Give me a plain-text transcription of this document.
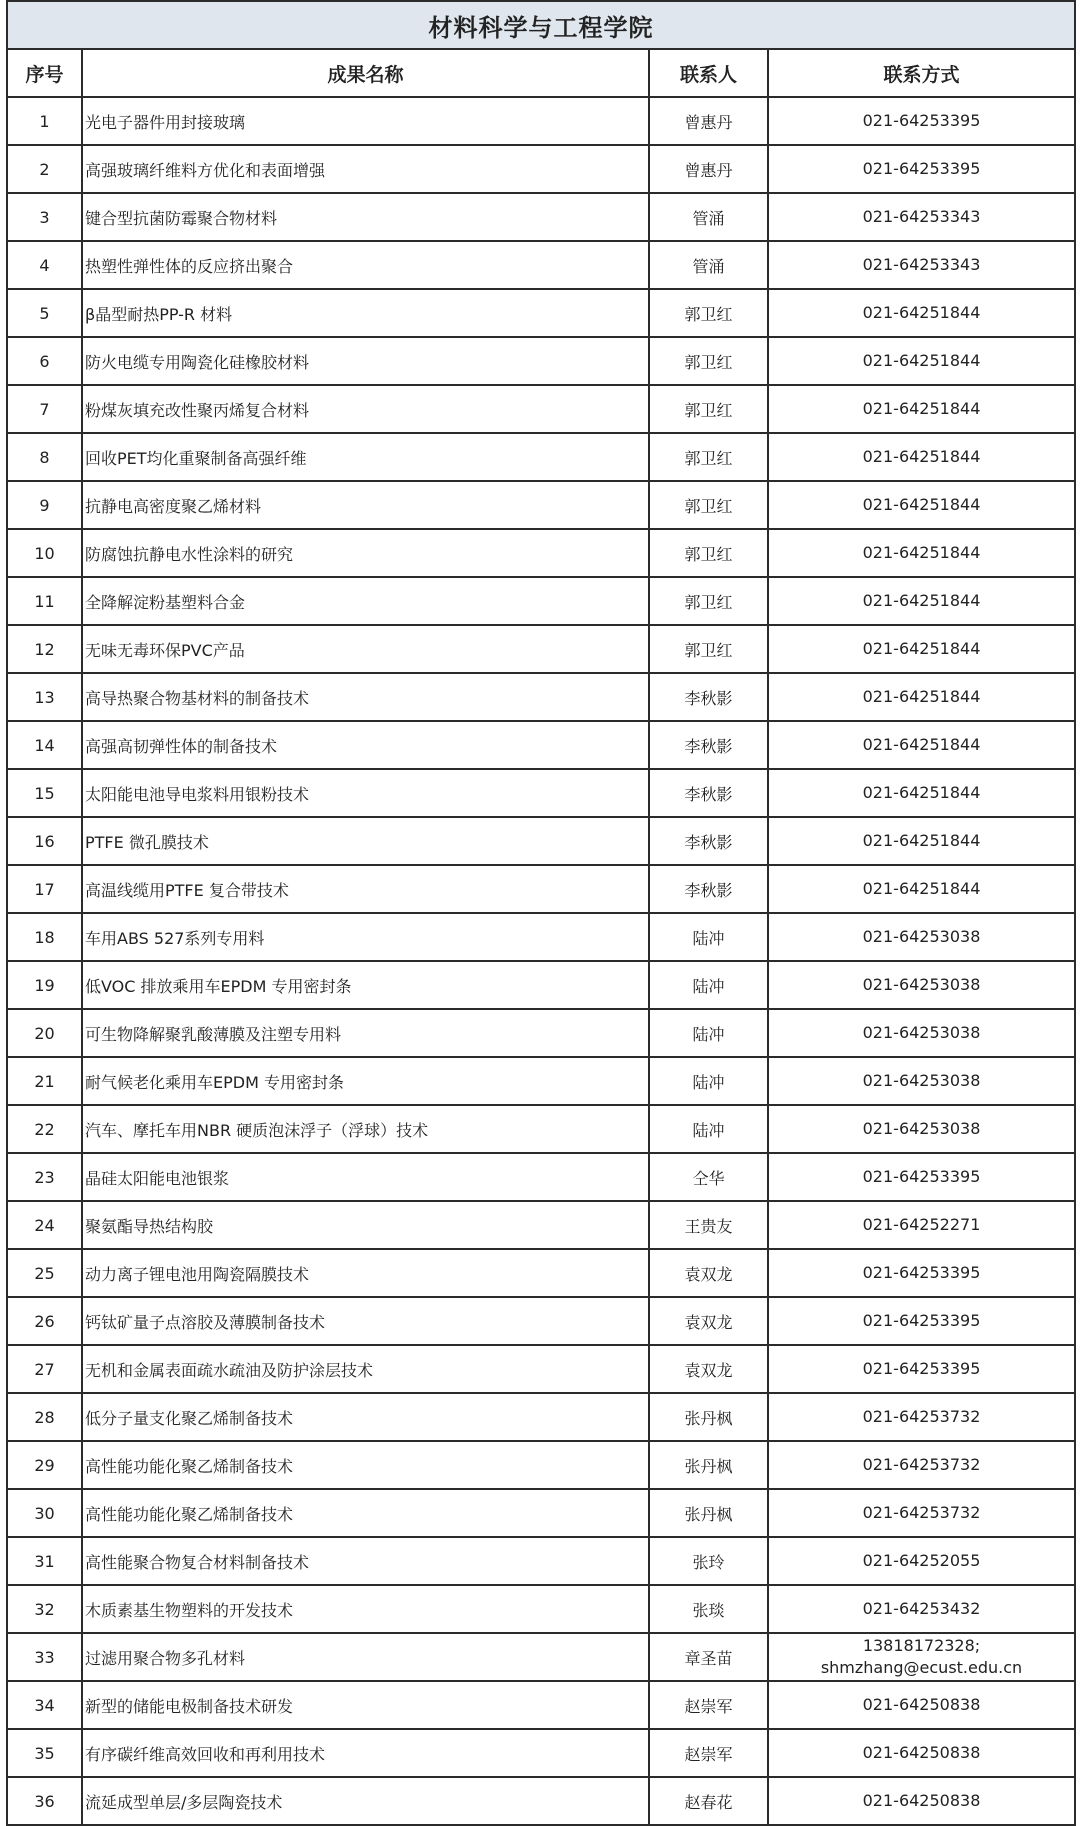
材料科学与工程学院			
序号	成果名称	联系人	联系方式
1	光电子器件用封接玻璃	曾惠丹	021-64253395
2	高强玻璃纤维料方优化和表面增强	曾惠丹	021-64253395
3	键合型抗菌防霉聚合物材料	管涌	021-64253343
4	热塑性弹性体的反应挤出聚合	管涌	021-64253343
5	β晶型耐热PP-R 材料	郭卫红	021-64251844
6	防火电缆专用陶瓷化硅橡胶材料	郭卫红	021-64251844
7	粉煤灰填充改性聚丙烯复合材料	郭卫红	021-64251844
8	回收PET均化重聚制备高强纤维	郭卫红	021-64251844
9	抗静电高密度聚乙烯材料	郭卫红	021-64251844
10	防腐蚀抗静电水性涂料的研究	郭卫红	021-64251844
11	全降解淀粉基塑料合金	郭卫红	021-64251844
12	无味无毒环保PVC产品	郭卫红	021-64251844
13	高导热聚合物基材料的制备技术	李秋影	021-64251844
14	高强高韧弹性体的制备技术	李秋影	021-64251844
15	太阳能电池导电浆料用银粉技术	李秋影	021-64251844
16	PTFE 微孔膜技术	李秋影	021-64251844
17	高温线缆用PTFE 复合带技术	李秋影	021-64251844
18	车用ABS 527系列专用料	陆冲	021-64253038
19	低VOC 排放乘用车EPDM 专用密封条	陆冲	021-64253038
20	可生物降解聚乳酸薄膜及注塑专用料	陆冲	021-64253038
21	耐气候老化乘用车EPDM 专用密封条	陆冲	021-64253038
22	汽车、摩托车用NBR 硬质泡沫浮子（浮球）技术	陆冲	021-64253038
23	晶硅太阳能电池银浆	仝华	021-64253395
24	聚氨酯导热结构胶	王贵友	021-64252271
25	动力离子锂电池用陶瓷隔膜技术	袁双龙	021-64253395
26	钙钛矿量子点溶胶及薄膜制备技术	袁双龙	021-64253395
27	无机和金属表面疏水疏油及防护涂层技术	袁双龙	021-64253395
28	低分子量支化聚乙烯制备技术	张丹枫	021-64253732
29	高性能功能化聚乙烯制备技术	张丹枫	021-64253732
30	高性能功能化聚乙烯制备技术	张丹枫	021-64253732
31	高性能聚合物复合材料制备技术	张玲	021-64252055
32	木质素基生物塑料的开发技术	张琰	021-64253432
33	过滤用聚合物多孔材料	章圣苗	13818172328;
shmzhang@ecust.edu.cn

34	新型的储能电极制备技术研发	赵崇军	021-64250838
35	有序碳纤维高效回收和再利用技术	赵崇军	021-64250838
36	流延成型单层/多层陶瓷技术	赵春花	021-64250838
